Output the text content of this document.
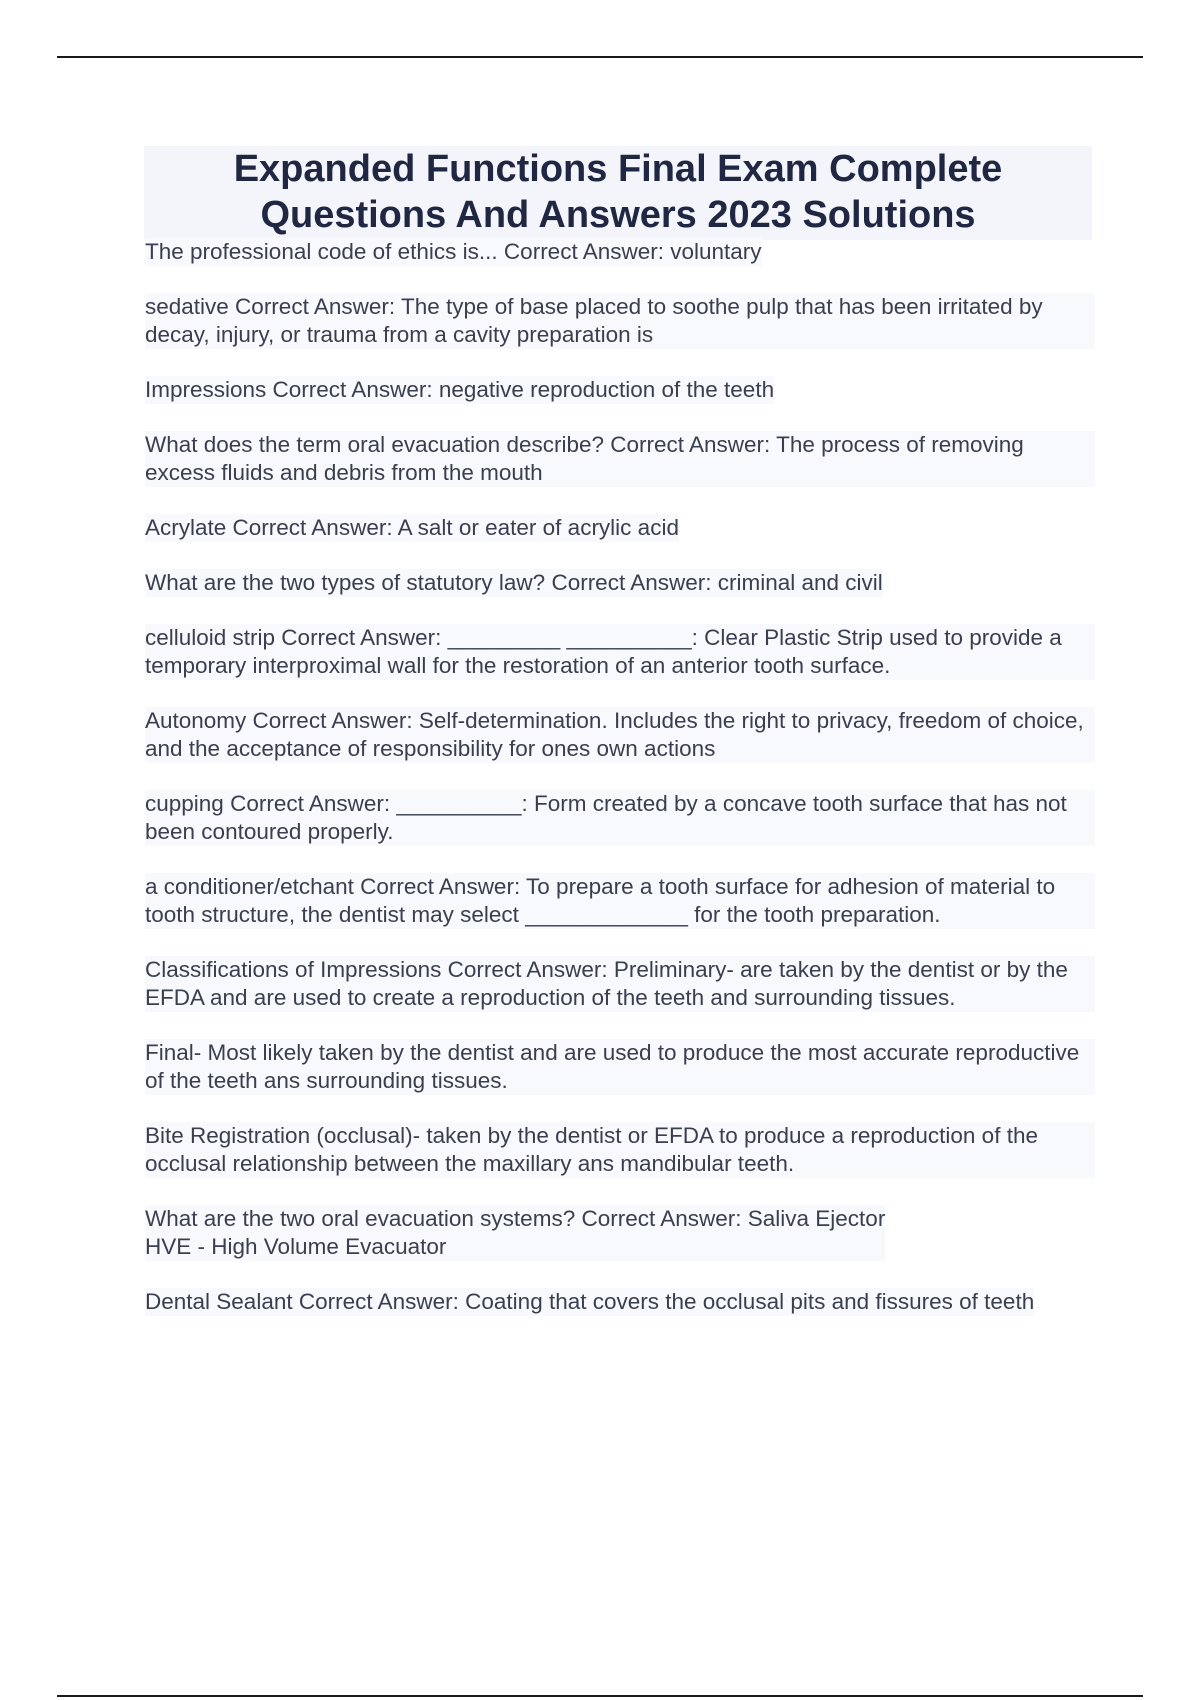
Expanded Functions Final Exam Complete Questions And Answers 2023 Solutions
The professional code of ethics is... Correct Answer: voluntary
sedative Correct Answer: The type of base placed to soothe pulp that has been irritated by decay, injury, or trauma from a cavity preparation is
Impressions Correct Answer: negative reproduction of the teeth
What does the term oral evacuation describe? Correct Answer: The process of removing excess fluids and debris from the mouth
Acrylate Correct Answer: A salt or eater of acrylic acid
What are the two types of statutory law? Correct Answer: criminal and civil
celluloid strip Correct Answer: _________ __________: Clear Plastic Strip used to provide a temporary interproximal wall for the restoration of an anterior tooth surface.
Autonomy Correct Answer: Self-determination. Includes the right to privacy, freedom of choice, and the acceptance of responsibility for ones own actions
cupping Correct Answer: __________: Form created by a concave tooth surface that has not been contoured properly.
a conditioner/etchant Correct Answer: To prepare a tooth surface for adhesion of material to tooth structure, the dentist may select _____________ for the tooth preparation.
Classifications of Impressions Correct Answer: Preliminary- are taken by the dentist or by the EFDA and are used to create a reproduction of the teeth and surrounding tissues.
Final- Most likely taken by the dentist and are used to produce the most accurate reproductive of the teeth ans surrounding tissues.
Bite Registration (occlusal)- taken by the dentist or EFDA to produce a reproduction of the occlusal relationship between the maxillary ans mandibular teeth.
What are the two oral evacuation systems? Correct Answer: Saliva Ejector
HVE - High Volume Evacuator
Dental Sealant Correct Answer: Coating that covers the occlusal pits and fissures of teeth
